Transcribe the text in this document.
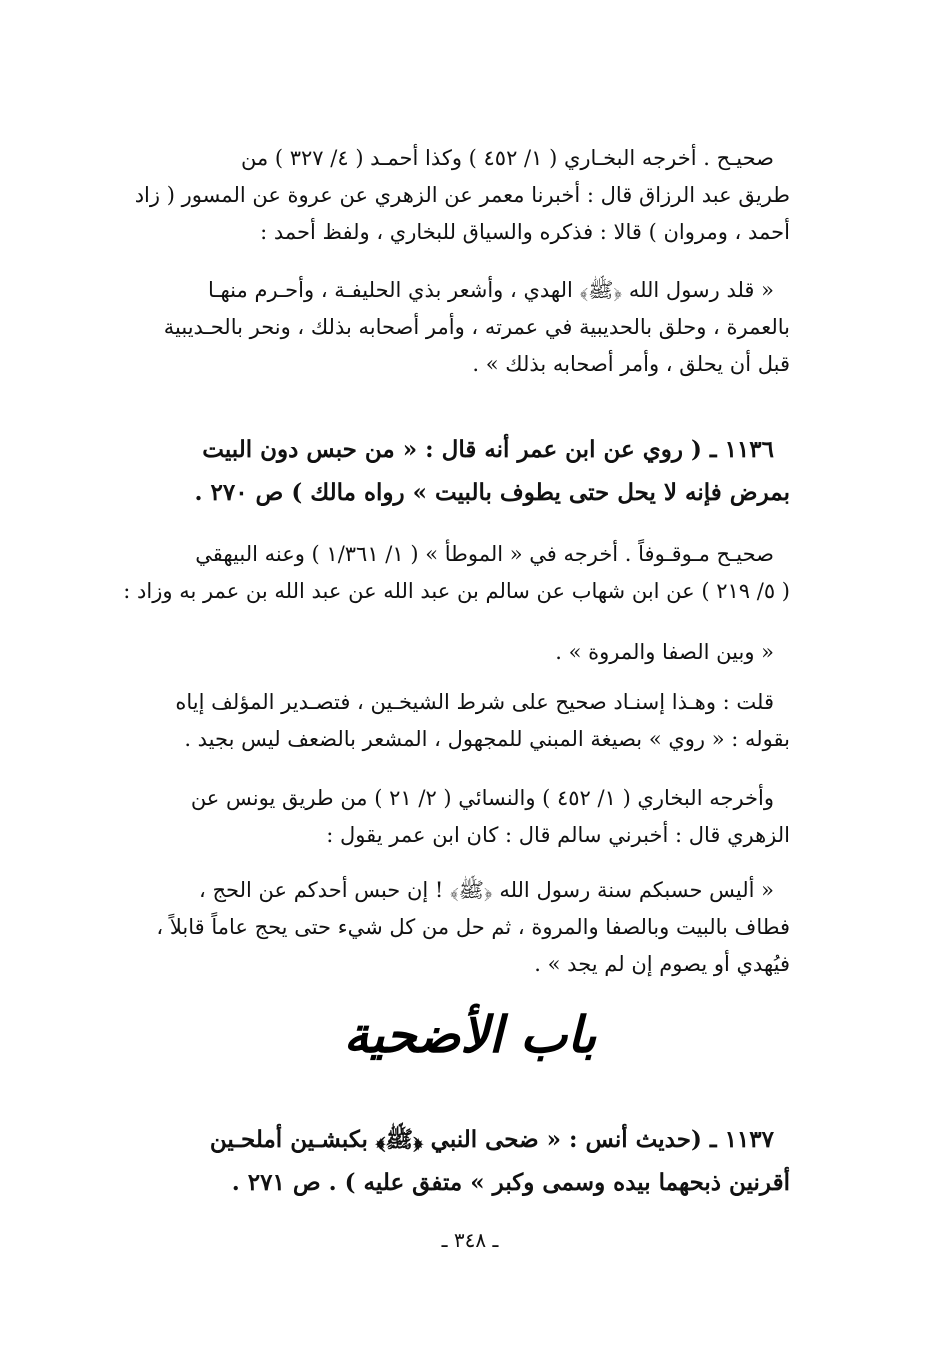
صحيـح . أخرجه البخـاري ( ١/ ٤٥٢ ) وكذا أحمـد ( ٤/ ٣٢٧ ) من
طريق عبد الرزاق قال : أخبرنا معمر عن الزهري عن عروة عن المسور ( زاد
أحمد ، ومروان ) قالا : فذكره والسياق للبخاري ، ولفظ أحمد :
« قلد رسول الله ﴿ﷺ﴾ الهدي ، وأشعر بذي الحليفـة ، وأحـرم منهـا
بالعمرة ، وحلق بالحديبية في عمرته ، وأمر أصحابه بذلك ، ونحر بالحـديبية
قبل أن يحلق ، وأمر أصحابه بذلك » .
١١٣٦ ـ ( روي عن ابن عمر أنه قال : « من حبس دون البيت
بمرض فإنه لا يحل حتى يطوف بالبيت » رواه مالك ) ص ٢٧٠ .
صحيـح مـوقـوفاً . أخرجه في « الموطأ » ( ١/ ١/٣٦١ ) وعنه البيهقي
( ٥/ ٢١٩ ) عن ابن شهاب عن سالم بن عبد الله عن عبد الله بن عمر به وزاد :
« وبين الصفا والمروة » .
قلت : وهـذا إسنـاد صحيح على شرط الشيخـين ، فتصـدير المؤلف إياه
بقوله : « روي » بصيغة المبني للمجهول ، المشعر بالضعف ليس بجيد .
وأخرجه البخاري ( ١/ ٤٥٢ ) والنسائي ( ٢/ ٢١ ) من طريق يونس عن
الزهري قال : أخبرني سالم قال : كان ابن عمر يقول :
« أليس حسبكم سنة رسول الله ﴿ﷺ﴾ ! إن حبس أحدكم عن الحج ،
فطاف بالبيت وبالصفا والمروة ، ثم حل من كل شيء حتى يحج عاماً قابلاً ،
فيُهدي أو يصوم إن لم يجد » .
باب الأضحية
١١٣٧ ـ (حديث أنس : « ضحى النبي ﴿ﷺ﴾ بكبشـين أملحـين
أقرنين ذبحهما بيده وسمى وكبر » متفق عليه ) . ص ٢٧١ .
ـ ٣٤٨ ـ
